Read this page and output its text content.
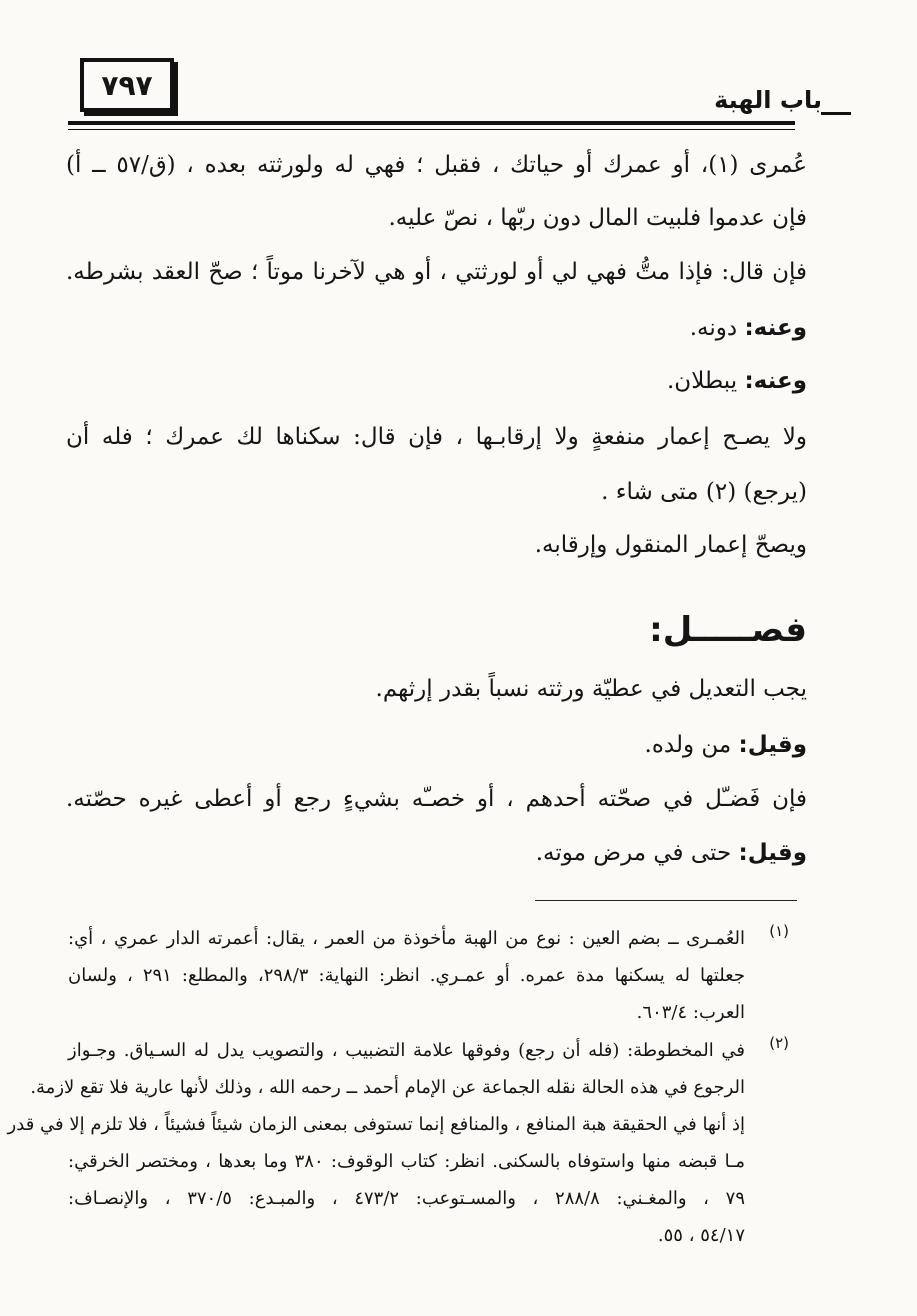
٧٩٧	باب الهبة
عُمرى (١)، أو عمرك أو حياتك ، فقبل ؛ فهي له ولورثته بعده ، (ق/٥٧ ــ أ)
فإن عدموا فلبيت المال دون ربّها ، نصّ عليه.
فإن قال: فإذا متُّ فهي لي أو لورثتي ، أو هي لآخرنا موتاً ؛ صحّ العقد بشرطه.
وعنه: دونه.
وعنه: يبطلان.
ولا يصـح إعمار منفعةٍ ولا إرقابـها ، فإن قال: سكناها لك عمرك ؛ فله أن
(يرجع) (٢) متى شاء .
ويصحّ إعمار المنقول وإرقابه.
فصـــــل:
يجب التعديل في عطيّة ورثته نسباً بقدر إرثهم.
وقيل: من ولده.
فإن فَضـّل في صحّته أحدهم ، أو خصـّه بشيءٍ رجع أو أعطى غيره حصّته.
وقيل: حتى في مرض موته.
(١)
العُمـرى ــ بضم العين : نوع من الهبة مأخوذة من العمر ، يقال: أعمرته الدار عمري ، أي:
جعلتها له يسكنها مدة عمره. أو عمـري. انظر: النهاية: ٢٩٨/٣، والمطلع: ٢٩١ ، ولسان
العرب: ٦٠٣/٤.
(٢)
في المخطوطة: (فله أن رجع) وفوقها علامة التضبيب ، والتصويب يدل له السـياق. وجـواز
الرجوع في هذه الحالة نقله الجماعة عن الإمام أحمد ــ رحمه الله ، وذلك لأنها عارية فلا تقع لازمة.
إذ أنها في الحقيقة هبة المنافع ، والمنافع إنما تستوفى بمعنى الزمان شيئاً فشيئاً ، فلا تلزم إلا في قدر
مـا قبضه منها واستوفاه بالسكنى. انظر: كتاب الوقوف: ٣٨٠ وما بعدها ، ومختصر الخرقي:
٧٩ ، والمغـني: ٢٨٨/٨ ، والمسـتوعب: ٤٧٣/٢ ، والمبـدع: ٣٧٠/٥ ، والإنصـاف:
٥٤/١٧ ، ٥٥.
